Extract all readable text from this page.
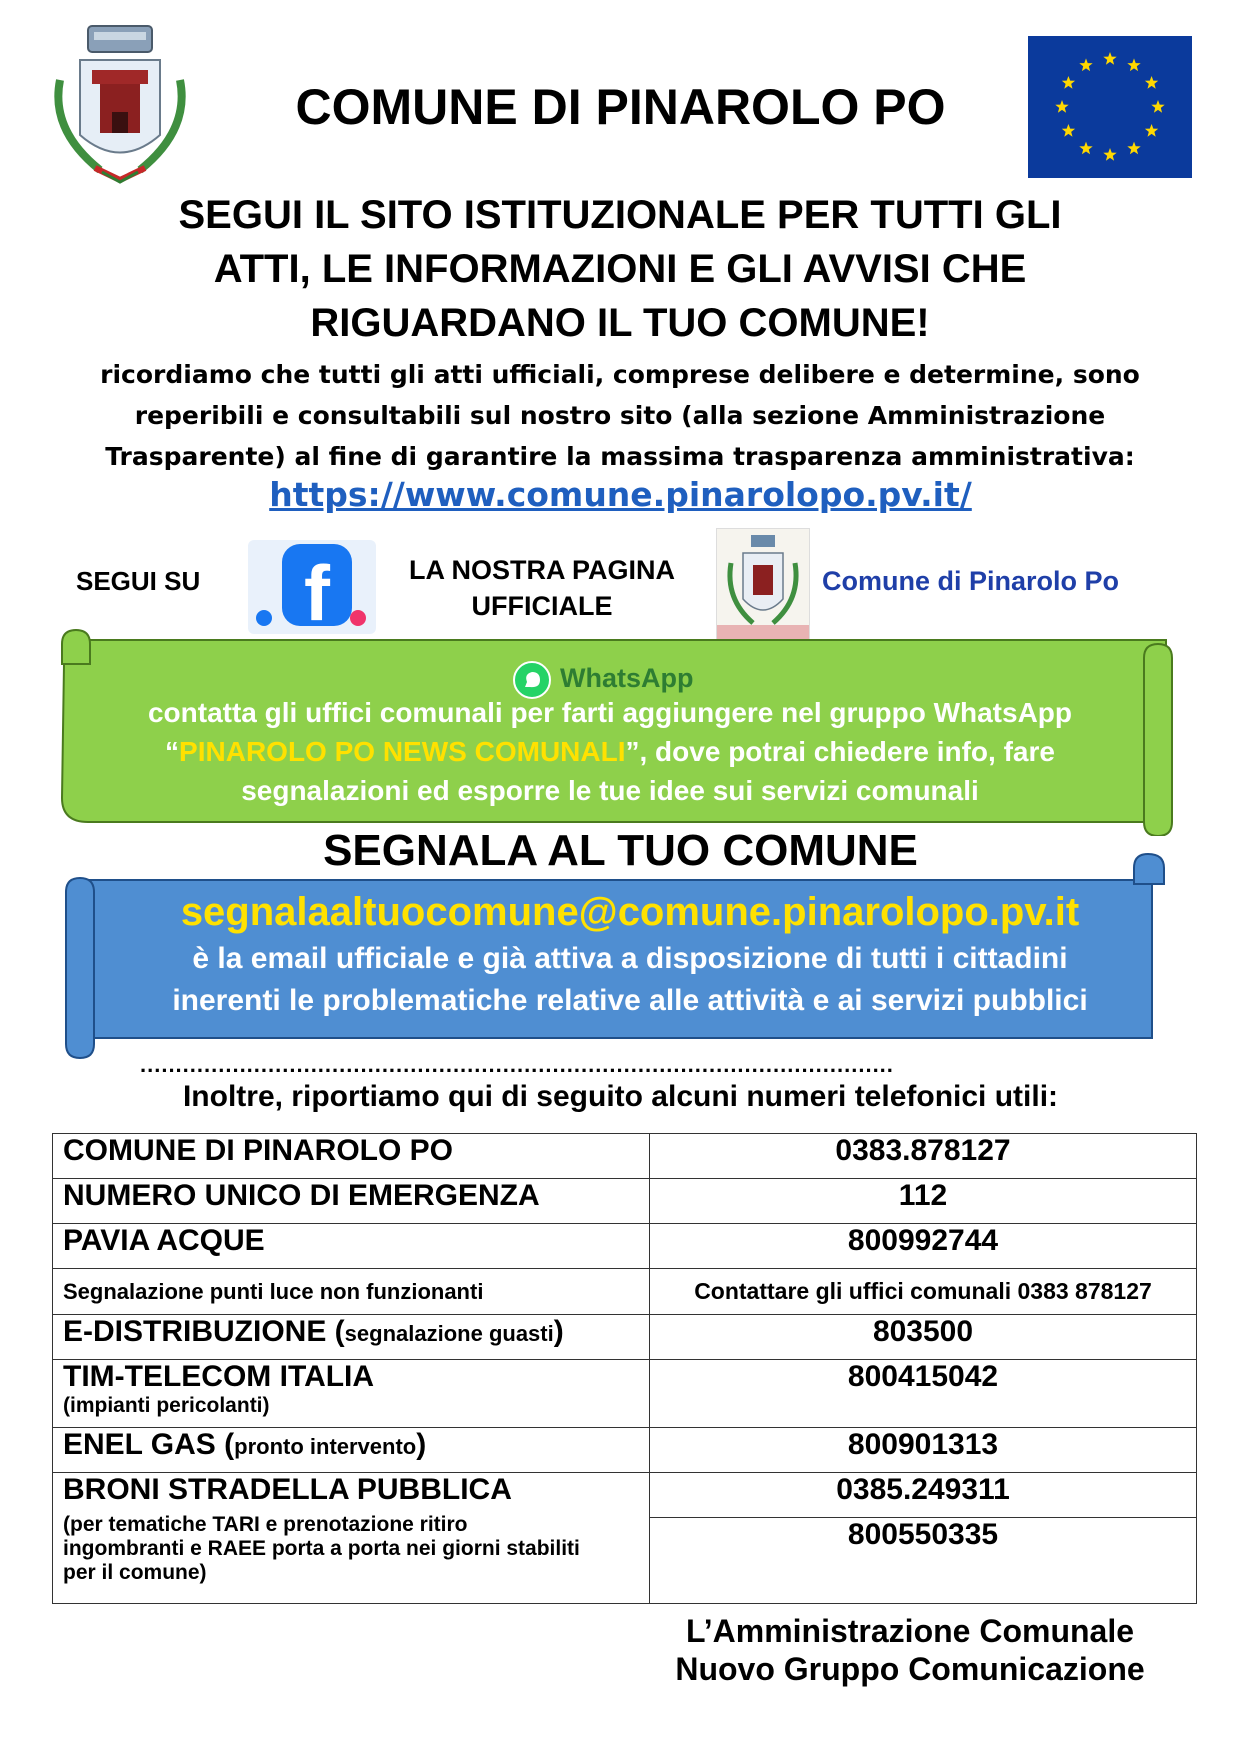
COMUNE DI PINAROLO PO
SEGUI IL SITO ISTITUZIONALE PER TUTTI GLI
ATTI, LE INFORMAZIONI E GLI AVVISI CHE
RIGUARDANO IL TUO COMUNE!
ricordiamo che tutti gli atti ufficiali, comprese delibere e determine, sono
reperibili e consultabili sul nostro sito (alla sezione Amministrazione
Trasparente) al fine di garantire la massima trasparenza amministrativa:
https://www.comune.pinarolopo.pv.it/
SEGUI SU f	LA NOSTRA PAGINA
UFFICIALE
Comune di Pinarolo Po
WhatsApp
contatta gli uffici comunali per farti aggiungere nel gruppo WhatsApp
“PINAROLO PO NEWS COMUNALI”, dove potrai chiedere info, fare
segnalazioni ed esporre le tue idee sui servizi comunali
SEGNALA AL TUO COMUNE
segnalaaltuocomune@comune.pinarolopo.pv.it
è la email ufficiale e già attiva a disposizione di tutti i cittadini
inerenti le problematiche relative alle attività e ai servizi pubblici
..........................................................................................................
Inoltre, riportiamo qui di seguito alcuni numeri telefonici utili:
COMUNE DI PINAROLO PO	0383.878127
NUMERO UNICO DI EMERGENZA	112
PAVIA ACQUE	800992744
Segnalazione punti luce non funzionanti	Contattare gli uffici comunali 0383 878127
E-DISTRIBUZIONE (segnalazione guasti)	803500
TIM-TELECOM ITALIA
(impianti pericolanti)	800415042
ENEL GAS (pronto intervento)	800901313
BRONI STRADELLA PUBBLICA
(per tematiche TARI e prenotazione ritiro ingombranti e RAEE porta a porta nei giorni stabiliti per il comune)	0385.249311
	800550335
L’Amministrazione Comunale
Nuovo Gruppo Comunicazione
